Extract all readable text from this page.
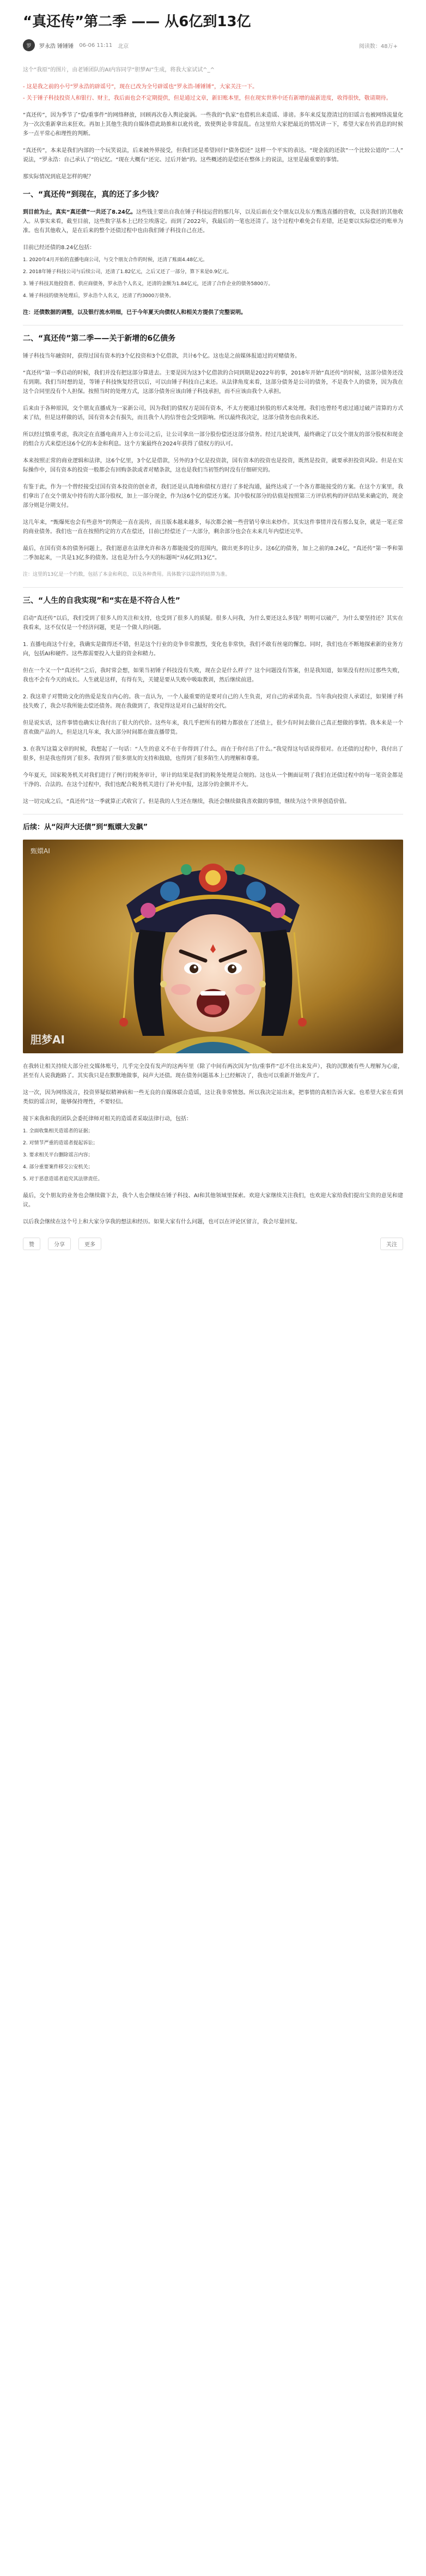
“真还传”第二季 —— 从6亿到13亿
罗	罗永浩 锤锤锤 06-06 11:11 北京	阅读数：48万+
这个“我原”的图片，由老锤团队的AI内容同学“胆梦AI”生成，将我大家试试^_^
- 这是我之前的小号“罗永浩的辟谣号”，现在已改为全号辟谣也“罗永浩-锤锤锤”，大家关注一下。
- 关于锤子科技投资人和银行、财主，我后面也会不定期提供，但是通过文章，新旧账本里，但在现实世界中还有新增的最新进度，收得很快，敬请期待。
“真还传”，因为季节了“偿/重事件”的网络释放，回顾再次卷入舆论旋涡。一些我的“仇家”也借机出来造谣、诽谤。多年来反复澄清过的旧谣言也被网络流量化为一次次重新拿出来狂欢。再加上其他生我的自媒体借此助推和以讹传讹，致使舆论非常混乱。在这里给大家把最近的情况讲一下，希望大家在传消息的时候多一点平常心和理性的判断。
“真还传”，本来是我们内部的一个玩笑说法，后来被外界接受，但我们还是希望回归“债务偿还” 这样一个平实的表达。“现金流的还款”一个比较公道的“二人” 说法，“罗永浩：自己承认了”的记忆。“现在大概有“还完、过后开始”的。这些概述的是偿还在整体上的说法，这里是最重要的事情。
那实际情况到底是怎样的呢？
一、“真还传”到现在，真的还了多少钱？
到目前为止，真实“真还债”一共还了8.24亿。这些钱主要出自我在锤子科技运营的那几年，以及后面在交个朋友以及东方甄选直播的营收，以及我们的其他收入。从事实来看，截至目前，这些数字基本上已经尘埃落定。而到了2022年，我最后的一笔也还清了。这个过程中难免会有差错，还是要以实际偿还的账单为准。也有其他收入，是在后来的整个还债过程中也由我们锤子科技自己在还。
目前已经还债的8.24亿包括：
1. 2020年4月开始的直播电商公司，与交个朋友合作的时候，还清了账面4.48亿元。
2. 2018年锤子科技公司与后续公司，还清了1.82亿元，之后又还了一部分，算下来是0.9亿元。
3. 锤子科技其他投资者、供应商债务，罗永浩个人名义，还清的金额为1.84亿元，还清了合作企业的债务5800万。
4. 锤子科技的债务处理后，罗永浩个人名义，还清了约3000万债务。
注：还债数据的调整，以及银行流水明细，已于今年夏天向债权人和相关方提供了完整说明。
二、“真还传”第二季——关于新增的6亿债务
锤子科技当年融资时，获得过国有资本的3个亿投资和3个亿借款，共计6个亿。这也是之前媒体报道过的对赌债务。
“真还传”第一季启动的时候，我们并没有把这部分算进去。主要是因为这3个亿借款的合同到期是2022年的事，2018年开始“真还传”的时候，这部分债务还没有到期。我们当时想的是，等锤子科技恢复经营以后，可以由锤子科技自己来还。从法律角度来看，这部分债务是公司的债务，不是我个人的债务，因为我在这个合同里没有个人担保。按照当时的处理方式，这部分债务应该由锤子科技承担，而不应该由我个人承担。
后来由于各种原因，交个朋友直播成为一家新公司，因为我们的债权方是国有资本，不太方便通过转股的形式来处理。我们也曾经考虑过通过破产清算的方式来了结，但是这样做的话，国有资本会有损失，而且我个人的信誉也会受到影响。所以最终我决定，这部分债务也由我来还。
所以经过慎重考虑，我决定在直播电商并入上市公司之后，让公司拿出一部分股份偿还这部分债务。经过几轮谈判，最终确定了以交个朋友的部分股权和现金的组合方式来偿还这6个亿的本金和利息。这个方案最终在2024年获得了债权方的认可。
本来按照正常的商业逻辑和法律，这6个亿里，3个亿是借款，另外的3个亿是投资款，国有资本的投资也是投资，既然是投资，就要承担投资风险。但是在实际操作中，国有资本的投资一般都会有回购条款或者对赌条款，这也是我们当初签约时没有仔细研究的。
有鉴于此，作为一个曾经接受过国有资本投资的创业者，我们还是认真地和债权方进行了多轮沟通，最终达成了一个各方都能接受的方案。在这个方案里，我们拿出了在交个朋友中持有的大部分股权，加上一部分现金，作为这6个亿的偿还方案。其中股权部分的估值是按照第三方评估机构的评估结果来确定的，现金部分则是分期支付。
这几年来，“甄爆死也会有些意外”的舆论一直在流传，而且版本越来越多，每次都会被一些营销号拿出来炒作。其实这件事情并没有那么复杂，就是一笔正常的商业债务。我们也一直在按照约定的方式在偿还，目前已经偿还了一大部分，剩余部分也会在未来几年内偿还完毕。
最后，在国有资本的债务问题上，我们愿意在法律允许和各方都能接受的范围内，做出更多的让步。这6亿的债务，加上之前的8.24亿，“真还传”第一季和第二季加起来，一共是13亿多的债务。这也是为什么今天的标题叫“从6亿到13亿”。
注：这里的13亿是一个约数，包括了本金和利息，以及各种费用。具体数字以最终的结算为准。
三、“人生的自我实现”和“实在是不符合人性”
启动“真还传”以后，我们受到了很多人的关注和支持，也受到了很多人的质疑。很多人问我，为什么要还这么多钱？明明可以破产，为什么要坚持还？其实在我看来，这不仅仅是一个经济问题，更是一个做人的问题。
1. 直播电商这个行业，我确实是做得还不错，但是这个行业的竞争非常激烈，变化也非常快，我们不敢有丝毫的懈怠。同时，我们也在不断地探索新的业务方向，包括AI和硬件。这些都需要投入大量的资金和精力。
但在一个又一个“真还传”之后，我时常会想，如果当初锤子科技没有失败，现在会是什么样子？这个问题没有答案，但是我知道，如果没有经历过那些失败，我也不会有今天的成长。人生就是这样，有得有失，关键是要从失败中吸取教训，然后继续前进。
2. 我这辈子对赞助文化的热爱是发自内心的。我一直认为，一个人最重要的是要对自己的人生负责，对自己的承诺负责。当年我向投资人承诺过，如果锤子科技失败了，我会尽我所能去偿还债务。现在我做到了，我觉得这是对自己最好的交代。
但是说实话，这件事情也确实让我付出了很大的代价。这些年来，我几乎把所有的精力都放在了还债上，很少有时间去做自己真正想做的事情。我本来是一个喜欢做产品的人，但是这几年来，我大部分时间都在做直播带货。
3. 在我写这篇文章的时候，我想起了一句话：“人生的意义不在于你得到了什么，而在于你付出了什么。”我觉得这句话说得很对。在还债的过程中，我付出了很多，但是我也得到了很多。我得到了很多朋友的支持和鼓励，也得到了很多陌生人的理解和尊重。
今年夏天，国家税务机关对我们进行了例行的税务审计，审计的结果是我们的税务处理是合规的。这也从一个侧面证明了我们在还债过程中的每一笔资金都是干净的、合法的。在这个过程中，我们也配合税务机关进行了补充申报，这部分的金额并不大。
这一切完成之后，“真还传”这一季就算正式收官了。但是我的人生还在继续，我还会继续做我喜欢做的事情，继续为这个世界创造价值。
后续：从“闷声大还债”到“甄嬛大发飙”
胆梦AI
甄嬛AI
在我转让相关持续大部分社交媒体账号，几乎完全没有发声的这两年里（除了中间有两次因为“仿/重事件”忍不住出来发声），我的沉默被有些人理解为心虚，甚至有人说我跑路了。其实我只是在默默地做事，闷声大还债。现在债务问题基本上已经解决了，我也可以重新开始发声了。
这一次，因为网络流言，投资界疑似精神病和一些无良的自媒体联合造谣，这让我非常愤怒。所以我决定站出来，把事情的真相告诉大家。也希望大家在看到类似的谣言时，能够保持理性，不要轻信。
接下来我和我的团队会委托律师对相关的造谣者采取法律行动，包括：
1. 全面收集相关造谣者的证据；
2. 对情节严重的造谣者提起诉讼；
3. 要求相关平台删除谣言内容；
4. 部分重要案件移交公安机关；
5. 对于恶意造谣者追究其法律责任。
最后，交个朋友的业务也会继续做下去，我个人也会继续在锤子科技、AI和其他领域里探索。欢迎大家继续关注我们，也欢迎大家给我们提出宝贵的意见和建议。
以后我会继续在这个号上和大家分享我的想法和经历。如果大家有什么问题，也可以在评论区留言，我会尽量回复。
赞	分享	更多	关注
